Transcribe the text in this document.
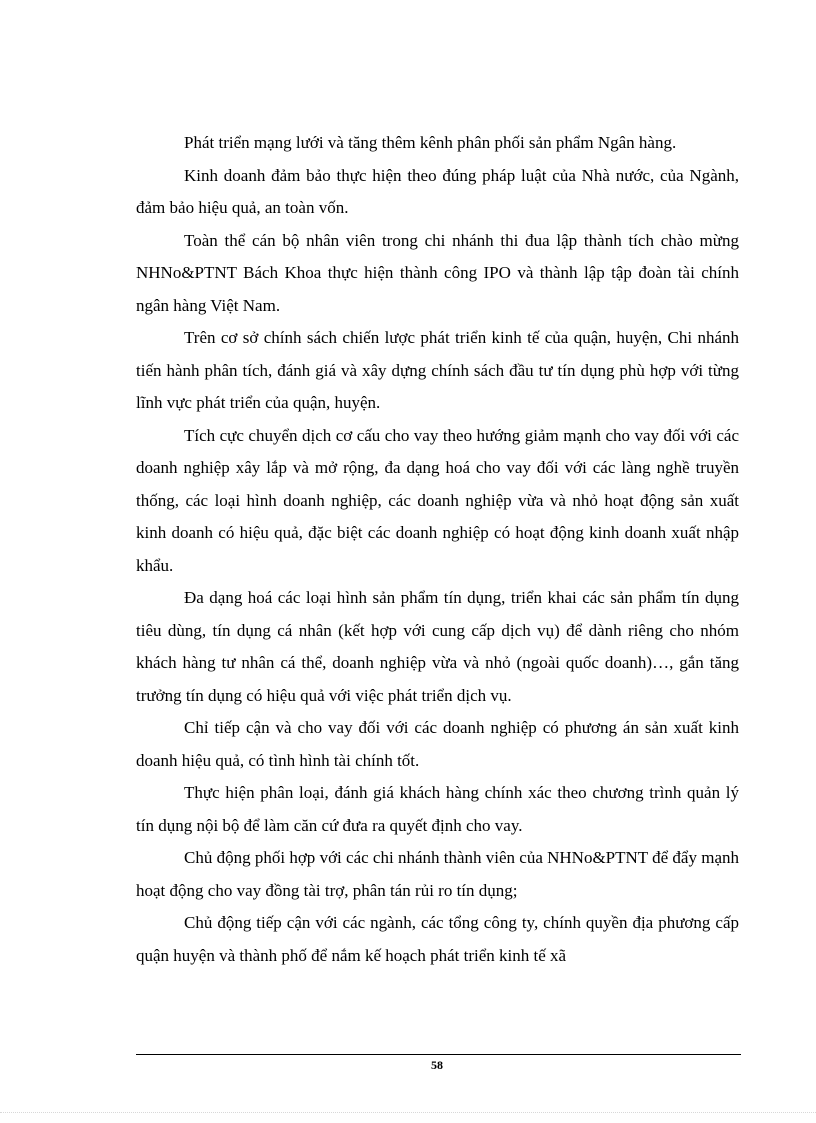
Phát triển mạng lưới và tăng thêm kênh phân phối sản phẩm Ngân hàng.

Kinh doanh đảm bảo thực hiện theo đúng pháp luật của Nhà nước, của Ngành, đảm bảo hiệu quả, an toàn vốn.

Toàn thể cán bộ nhân viên trong chi nhánh thi đua lập thành tích chào mừng NHNo&PTNT Bách Khoa thực hiện thành công IPO và thành lập tập đoàn tài chính ngân hàng Việt Nam.

Trên cơ sở chính sách chiến lược phát triển kinh tế của quận, huyện, Chi nhánh tiến hành phân tích, đánh giá và xây dựng chính sách đầu tư tín dụng phù hợp với từng lĩnh vực phát triển của quận, huyện.

Tích cực chuyển dịch cơ cấu cho vay theo hướng giảm mạnh cho vay đối với các doanh nghiệp xây lắp và mở rộng, đa dạng hoá cho vay đối với các làng nghề truyền thống, các loại hình doanh nghiệp, các doanh nghiệp vừa và nhỏ hoạt động sản xuất kinh doanh có hiệu quả, đặc biệt các doanh nghiệp có hoạt động kinh doanh xuất nhập khẩu.

Đa dạng hoá các loại hình sản phẩm tín dụng, triển khai các sản phẩm tín dụng tiêu dùng, tín dụng cá nhân (kết hợp với cung cấp dịch vụ) để dành riêng cho nhóm khách hàng tư nhân cá thể, doanh nghiệp vừa và nhỏ (ngoài quốc doanh)…, gắn tăng trưởng tín dụng có hiệu quả với việc phát triển dịch vụ.

Chỉ tiếp cận và cho vay đối với các doanh nghiệp có phương án sản xuất kinh doanh hiệu quả, có tình hình tài chính tốt.

Thực hiện phân loại, đánh giá khách hàng chính xác theo chương trình quản lý tín dụng nội bộ để làm căn cứ đưa ra quyết định cho vay.

Chủ động phối hợp với các chi nhánh thành viên của NHNo&PTNT để đẩy mạnh hoạt động cho vay đồng tài trợ, phân tán rủi ro tín dụng;

Chủ động tiếp cận với các ngành, các tổng công ty, chính quyền địa phương cấp quận huyện và thành phố để nắm kế hoạch phát triển kinh tế xã

58
